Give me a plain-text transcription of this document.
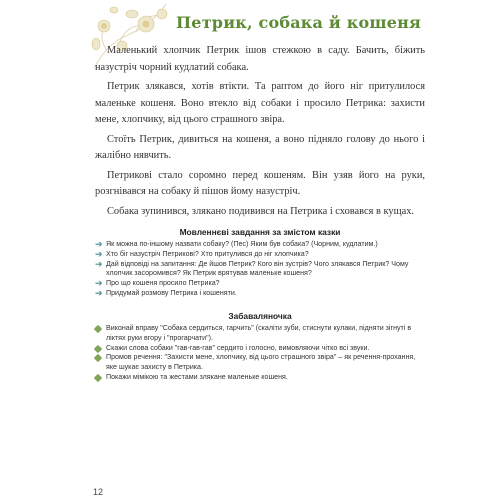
Петрик, собака й кошеня

Маленький хлопчик Петрик ішов стежкою в саду. Бачить, біжить назустріч чорний кудлатий собака.

Петрик злякався, хотів втікти. Та раптом до його ніг притулилося маленьке кошеня. Воно втекло від собаки і просило Петрика: захисти мене, хлопчику, від цього страшного звіра.

Стоїть Петрик, дивиться на кошеня, а воно підняло голову до нього і жалібно нявчить.

Петрикові стало соромно перед кошеням. Він узяв його на руки, розгнівався на собаку й пішов йому назустріч.

Собака зупинився, злякано подивився на Петрика і сховався в кущах.

Мовленнєві завдання за змістом казки
➔ Як можна по-іншому назвати собаку? (Пес) Яким був собака? (Чорним, кудлатим.)
➔ Хто біг назустріч Петрикові? Хто притулився до ніг хлопчика?
➔ Дай відповіді на запитання: Де йшов Петрик? Кого він зустрів? Чого злякався Петрик? Чому хлопчик засоромився? Як Петрик врятував маленьке кошеня?
➔ Про що кошеня просило Петрика?
➔ Придумай розмову Петрика і кошеняти.
Забаваляночка
Виконай вправу "Собака сердиться, гарчить" (скаліти зуби, стиснути кулаки, підняти зігнуті в ліктях руки вгору і "прогарчати").
Скажи слова собаки "гав-гав-гав" сердито і голосно, вимовляючи чітко всі звуки.
Промов речення: "Захисти мене, хлопчику, від цього страшного звіра" – як речення-прохання, яке шукає захисту в Петрика.
Покажи мімікою та жестами злякане маленьке кошеня.

12
